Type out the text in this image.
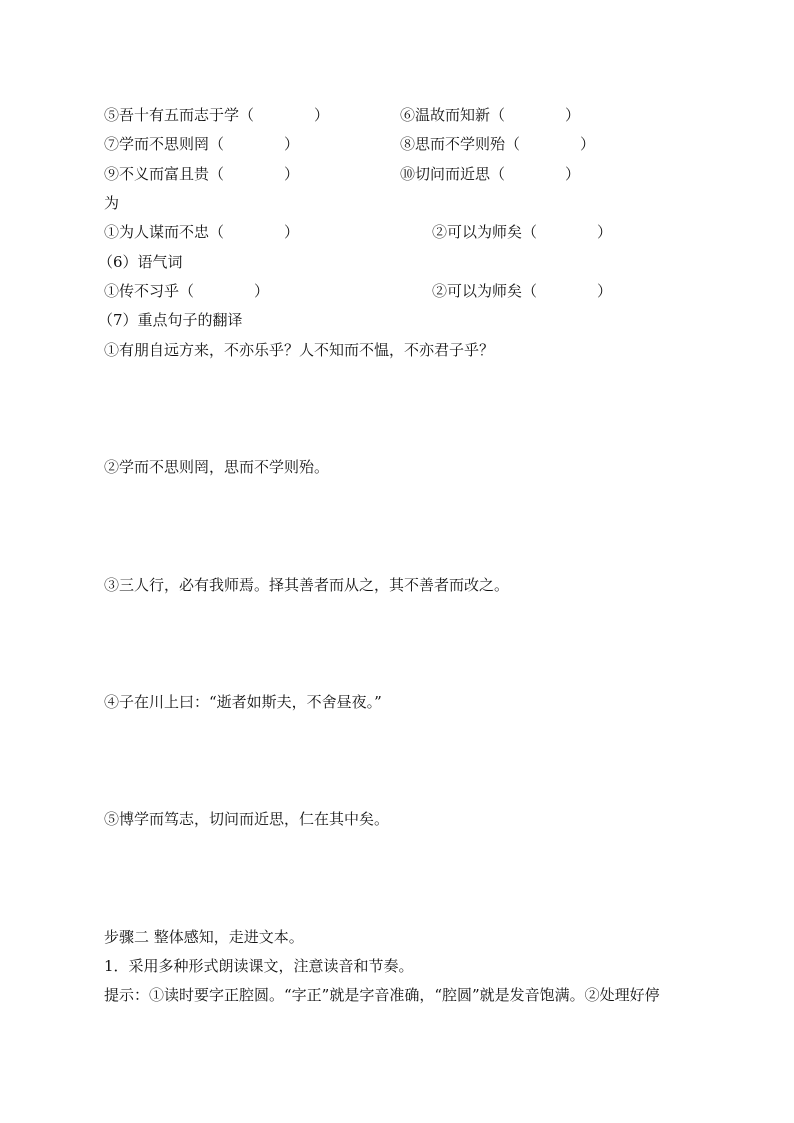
⑤吾十有五而志于学（　　　　）	⑥温故而知新（　　　　）
⑦学而不思则罔（　　　　）	⑧思而不学则殆（　　　　）
⑨不义而富且贵（　　　　）	⑩切问而近思（　　　　）
为
①为人谋而不忠（　　　　）	②可以为师矣（　　　　）
（6）语气词
①传不习乎（　　　　）	②可以为师矣（　　　　）
（7）重点句子的翻译
①有朋自远方来，不亦乐乎？人不知而不愠，不亦君子乎？
②学而不思则罔，思而不学则殆。
③三人行，必有我师焉。择其善者而从之，其不善者而改之。
④子在川上曰：“逝者如斯夫，不舍昼夜。”
⑤博学而笃志，切问而近思，仁在其中矣。
步骤二 整体感知，走进文本。
1．采用多种形式朗读课文，注意读音和节奏。
提示：①读时要字正腔圆。“字正”就是字音准确，“腔圆”就是发音饱满。②处理好停
